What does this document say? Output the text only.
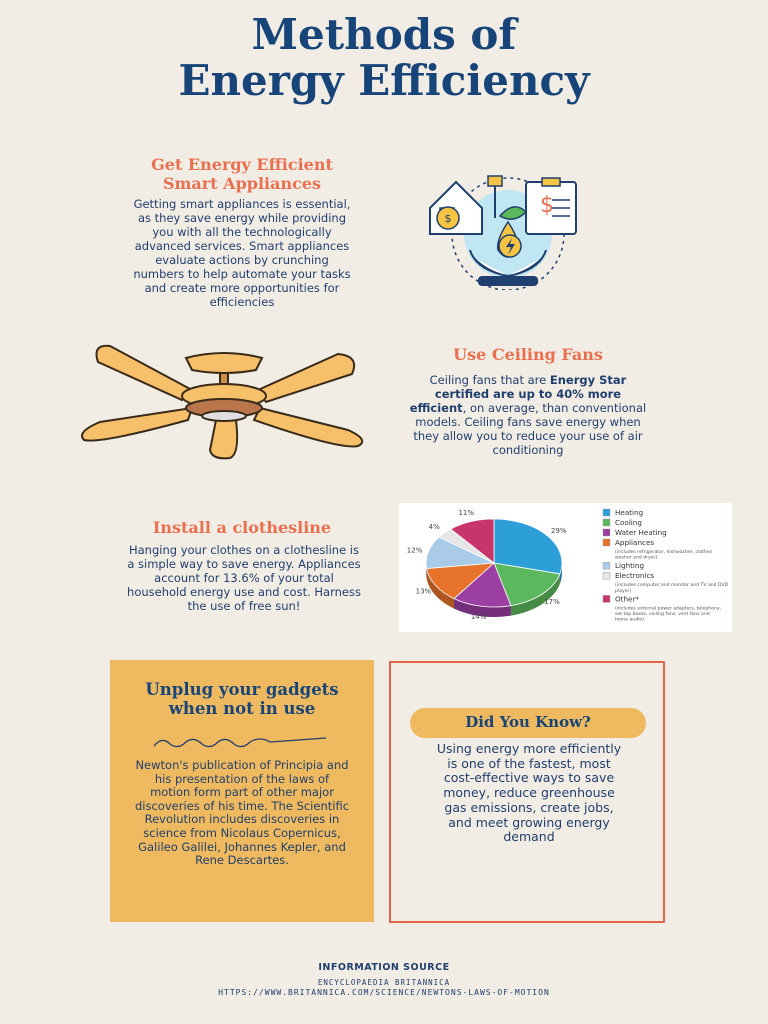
Methods of Energy Efficiency
Get Energy Efficient Smart Appliances
Getting smart appliances is essential, as they save energy while providing you with all the technologically advanced services. Smart appliances evaluate actions by crunching numbers to help automate your tasks and create more opportunities for efficiencies
$
$
Use Ceiling Fans
Ceiling fans that are Energy Star certified are up to 40% more efficient, on average, than conventional models. Ceiling fans save energy when they allow you to reduce your use of air conditioning
Install a clothesline
Hanging your clothes on a clothesline is a simple way to save energy. Appliances account for 13.6% of your total household energy use and cost. Harness the use of free sun!
29%
17%
14%
13%
12%
4%
11%	Heating
Cooling
Water Heating
Appliances
(includes refrigerator, dishwasher, clothes
washer and dryer)
Lighting
Electronics
(includes computer and monitor and TV and DVD
player)
Other*
(includes external power adapters, telephony,
set-top boxes, ceiling fans, vent fans and
home audio)
Unplug your gadgets when not in use
Newton's publication of Principia and his presentation of the laws of motion form part of other major discoveries of his time. The Scientific Revolution includes discoveries in science from Nicolaus Copernicus, Galileo Galilei, Johannes Kepler, and Rene Descartes.
Did You Know?
Using energy more efficiently is one of the fastest, most cost-effective ways to save money, reduce greenhouse gas emissions, create jobs, and meet growing energy demand
INFORMATION SOURCE
ENCYCLOPAEDIA BRITANNICA
HTTPS://WWW.BRITANNICA.COM/SCIENCE/NEWTONS-LAWS-OF-MOTION
